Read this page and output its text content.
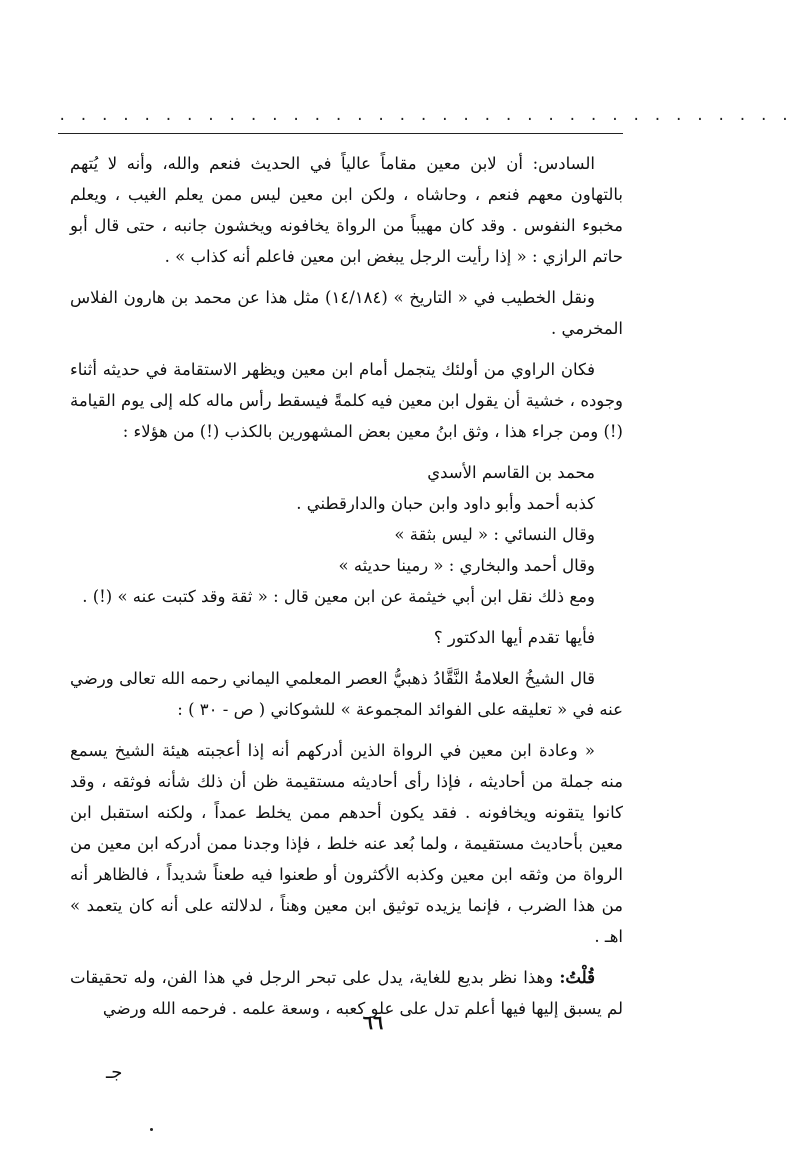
. . . . . . . . . . . . . . . . . . . . . . . . . . . . . . . . . . .

السادس: أن لابن معين مقاماً عالياً في الحديث فنعم والله، وأنه لا يُتهم بالتهاون معهم فنعم ، وحاشاه ، ولكن ابن معين ليس ممن يعلم الغيب ، ويعلم مخبوء النفوس . وقد كان مهيباً من الرواة يخافونه ويخشون جانبه ، حتى قال أبو حاتم الرازي : « إذا رأيت الرجل يبغض ابن معين فاعلم أنه كذاب » .

ونقل الخطيب في « التاريخ » (١٤/١٨٤) مثل هذا عن محمد بن هارون الفلاس المخرمي .

فكان الراوي من أولئك يتجمل أمام ابن معين ويظهر الاستقامة في حديثه أثناء وجوده ، خشية أن يقول ابن معين فيه كلمةً فيسقط رأس ماله كله إلى يوم القيامة (!) ومن جراء هذا ، وثق ابنُ معين بعض المشهورين بالكذب (!) من هؤلاء :

محمد بن القاسم الأسدي

كذبه أحمد وأبو داود وابن حبان والدارقطني .

وقال النسائي : « ليس بثقة »

وقال أحمد والبخاري : « رمينا حديثه »

ومع ذلك نقل ابن أبي خيثمة عن ابن معين قال : « ثقة وقد كتبت عنه » (!) .

فأيها تقدم أيها الدكتور ؟

قال الشيخُ العلامةُ النَّقَّادُ ذهبيُّ العصر المعلمي اليماني رحمه الله تعالى ورضي عنه في « تعليقه على الفوائد المجموعة » للشوكاني ( ص - ٣٠ ) :

« وعادة ابن معين في الرواة الذين أدركهم أنه إذا أعجبته هيئة الشيخ يسمع منه جملة من أحاديثه ، فإذا رأى أحاديثه مستقيمة ظن أن ذلك شأنه فوثقه ، وقد كانوا يتقونه ويخافونه . فقد يكون أحدهم ممن يخلط عمداً ، ولكنه استقبل ابن معين بأحاديث مستقيمة ، ولما بُعد عنه خلط ، فإذا وجدنا ممن أدركه ابن معين من الرواة من وثقه ابن معين وكذبه الأكثرون أو طعنوا فيه طعناً شديداً ، فالظاهر أنه من هذا الضرب ، فإنما يزيده توثيق ابن معين وهناً ، لدلالته على أنه كان يتعمد » اهـ .

قُلْتُ: وهذا نظر بديع للغاية، يدل على تبحر الرجل في هذا الفن، وله تحقيقات لم يسبق إليها فيها أعلم تدل على علو كعبه ، وسعة علمه . فرحمه الله ورضي

٦٦
جـ
